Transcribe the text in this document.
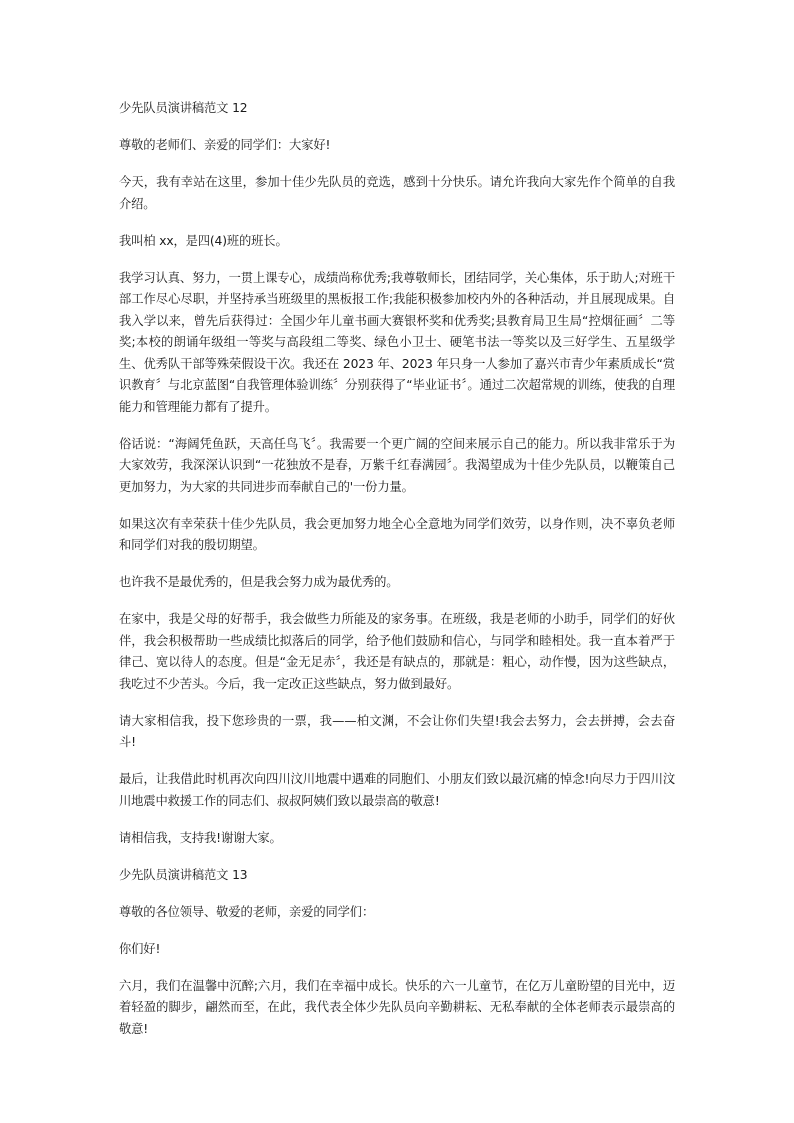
少先队员演讲稿范文 12

尊敬的老师们、亲爱的同学们：大家好!

今天，我有幸站在这里，参加十佳少先队员的竞选，感到十分快乐。请允许我向大家先作个简单的自我介绍。

我叫柏 xx，是四(4)班的班长。

我学习认真、努力，一贯上课专心，成绩尚称优秀;我尊敬师长，团结同学，关心集体，乐于助人;对班干部工作尽心尽职，并坚持承当班级里的黑板报工作;我能积极参加校内外的各种活动，并且展现成果。自我入学以来，曾先后获得过：全国少年儿童书画大赛银杯奖和优秀奖;县教育局卫生局“控烟征画〞二等奖;本校的朗诵年级组一等奖与高段组二等奖、绿色小卫士、硬笔书法一等奖以及三好学生、五星级学生、优秀队干部等殊荣假设干次。我还在 2023 年、2023 年只身一人参加了嘉兴市青少年素质成长“赏识教育〞与北京蓝图“自我管理体验训练〞分别获得了“毕业证书〞。通过二次超常规的训练，使我的自理能力和管理能力都有了提升。

俗话说：“海阔凭鱼跃，天高任鸟飞〞。我需要一个更广阔的空间来展示自己的能力。所以我非常乐于为大家效劳，我深深认识到“一花独放不是春，万紫千红春满园〞。我渴望成为十佳少先队员，以鞭策自己更加努力，为大家的共同进步而奉献自己的'一份力量。

如果这次有幸荣获十佳少先队员，我会更加努力地全心全意地为同学们效劳，以身作则，决不辜负老师和同学们对我的殷切期望。

也许我不是最优秀的，但是我会努力成为最优秀的。

在家中，我是父母的好帮手，我会做些力所能及的家务事。在班级，我是老师的小助手，同学们的好伙伴，我会积极帮助一些成绩比拟落后的同学，给予他们鼓励和信心，与同学和睦相处。我一直本着严于律己、宽以待人的态度。但是“金无足赤〞，我还是有缺点的，那就是：粗心，动作慢，因为这些缺点，我吃过不少苦头。今后，我一定改正这些缺点，努力做到最好。

请大家相信我，投下您珍贵的一票，我——柏文渊，不会让你们失望!我会去努力，会去拼搏，会去奋斗!

最后，让我借此时机再次向四川汶川地震中遇难的同胞们、小朋友们致以最沉痛的悼念!向尽力于四川汶川地震中救援工作的同志们、叔叔阿姨们致以最崇高的敬意!

请相信我，支持我!谢谢大家。

少先队员演讲稿范文 13

尊敬的各位领导、敬爱的老师，亲爱的同学们：

你们好!

六月，我们在温馨中沉醉;六月，我们在幸福中成长。快乐的六一儿童节，在亿万儿童盼望的目光中，迈着轻盈的脚步，翩然而至，在此，我代表全体少先队员向辛勤耕耘、无私奉献的全体老师表示最崇高的敬意!
